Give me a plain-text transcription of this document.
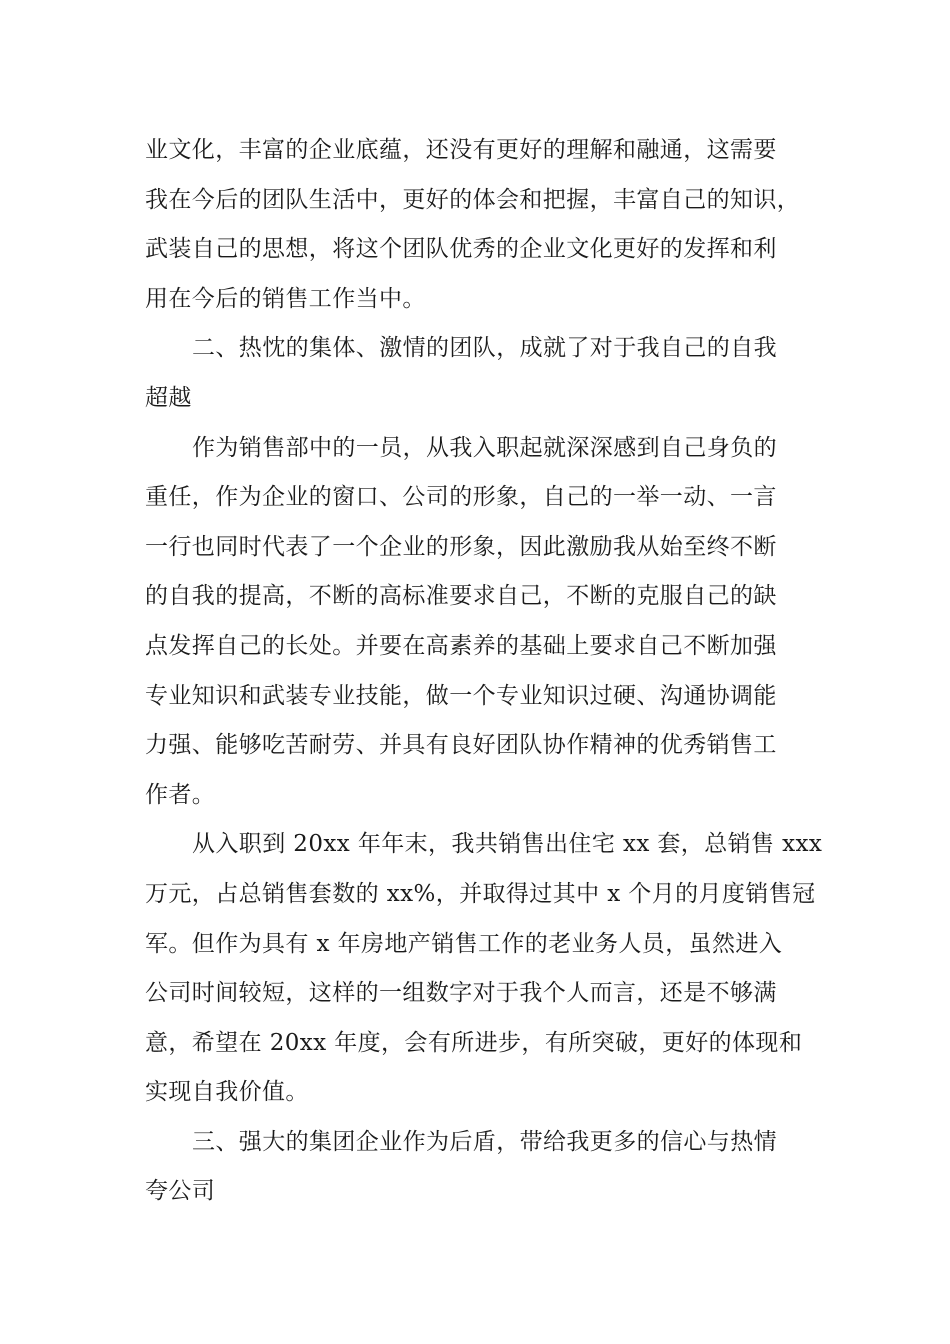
业文化，丰富的企业底蕴，还没有更好的理解和融通，这需要
我在今后的团队生活中，更好的体会和把握，丰富自己的知识，
武装自己的思想，将这个团队优秀的企业文化更好的发挥和利
用在今后的销售工作当中。
二、热忱的集体、激情的团队，成就了对于我自己的自我
超越
作为销售部中的一员，从我入职起就深深感到自己身负的
重任，作为企业的窗口、公司的形象，自己的一举一动、一言
一行也同时代表了一个企业的形象，因此激励我从始至终不断
的自我的提高，不断的高标准要求自己，不断的克服自己的缺
点发挥自己的长处。并要在高素养的基础上要求自己不断加强
专业知识和武装专业技能，做一个专业知识过硬、沟通协调能
力强、能够吃苦耐劳、并具有良好团队协作精神的优秀销售工
作者。
从入职到 20xx 年年末，我共销售出住宅 xx 套，总销售 xxx
万元，占总销售套数的 xx%，并取得过其中 x 个月的月度销售冠
军。但作为具有 x 年房地产销售工作的老业务人员，虽然进入
公司时间较短，这样的一组数字对于我个人而言，还是不够满
意，希望在 20xx 年度，会有所进步，有所突破，更好的体现和
实现自我价值。
三、强大的集团企业作为后盾，带给我更多的信心与热情
夸公司
